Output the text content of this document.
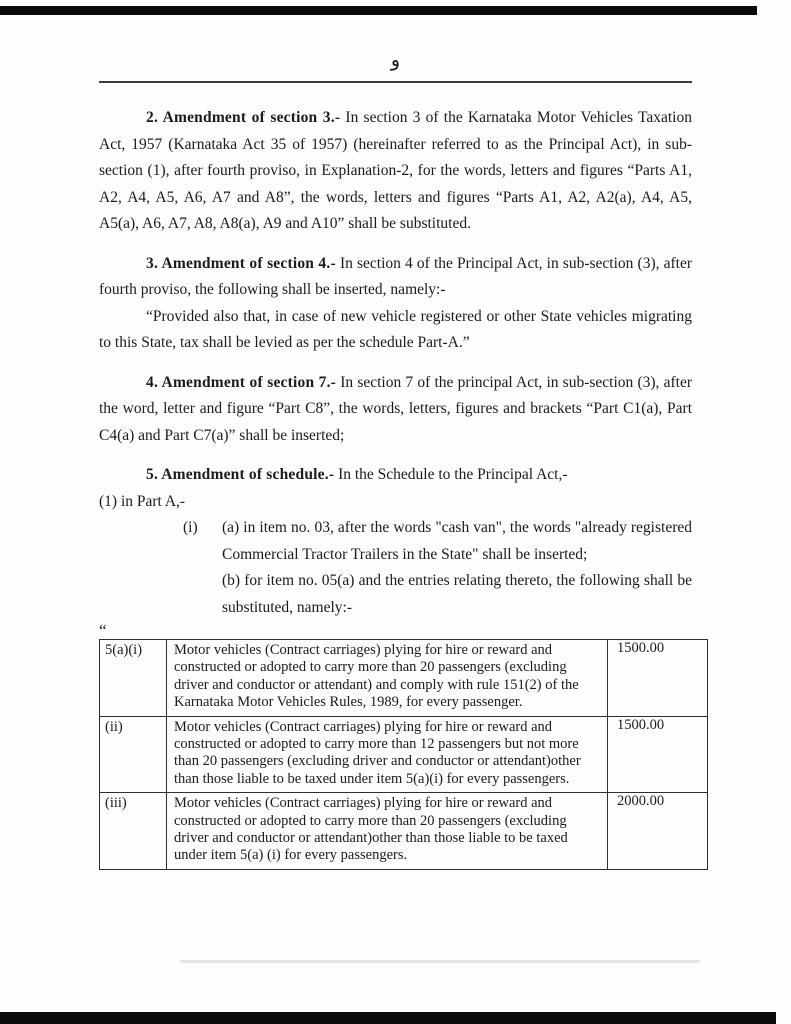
و

2. Amendment of section 3.- In section 3 of the Karnataka Motor Vehicles Taxation Act, 1957 (Karnataka Act 35 of 1957) (hereinafter referred to as the Principal Act), in sub-section (1), after fourth proviso, in Explanation-2, for the words, letters and figures “Parts A1, A2, A4, A5, A6, A7 and A8”, the words, letters and figures “Parts A1, A2, A2(a), A4, A5, A5(a), A6, A7, A8, A8(a), A9 and A10” shall be substituted.

3. Amendment of section 4.- In section 4 of the Principal Act, in sub-section (3), after fourth proviso, the following shall be inserted, namely:-

“Provided also that, in case of new vehicle registered or other State vehicles migrating to this State, tax shall be levied as per the schedule Part-A.”

4. Amendment of section 7.- In section 7 of the principal Act, in sub-section (3), after the word, letter and figure “Part C8”, the words, letters, figures and brackets “Part C1(a), Part C4(a) and Part C7(a)” shall be inserted;

5. Amendment of schedule.- In the Schedule to the Principal Act,-

(1) in Part A,-

(i)	(a) in item no. 03, after the words "cash van", the words "already registered Commercial Tractor Trailers in the State" shall be inserted;

(b) for item no. 05(a) and the entries relating thereto, the following shall be substituted, namely:-

“
5(a)(i)	Motor vehicles (Contract carriages) plying for hire or reward and constructed or adopted to carry more than 20 passengers (excluding driver and conductor or attendant) and comply with rule 151(2) of the Karnataka Motor Vehicles Rules, 1989, for every passenger.	1500.00
(ii)	Motor vehicles (Contract carriages) plying for hire or reward and constructed or adopted to carry more than 12 passengers but not more than 20 passengers (excluding driver and conductor or attendant)other than those liable to be taxed under item 5(a)(i) for every passengers.	1500.00
(iii)	Motor vehicles (Contract carriages) plying for hire or reward and constructed or adopted to carry more than 20 passengers (excluding driver and conductor or attendant)other than those liable to be taxed under item 5(a) (i) for every passengers.	2000.00
